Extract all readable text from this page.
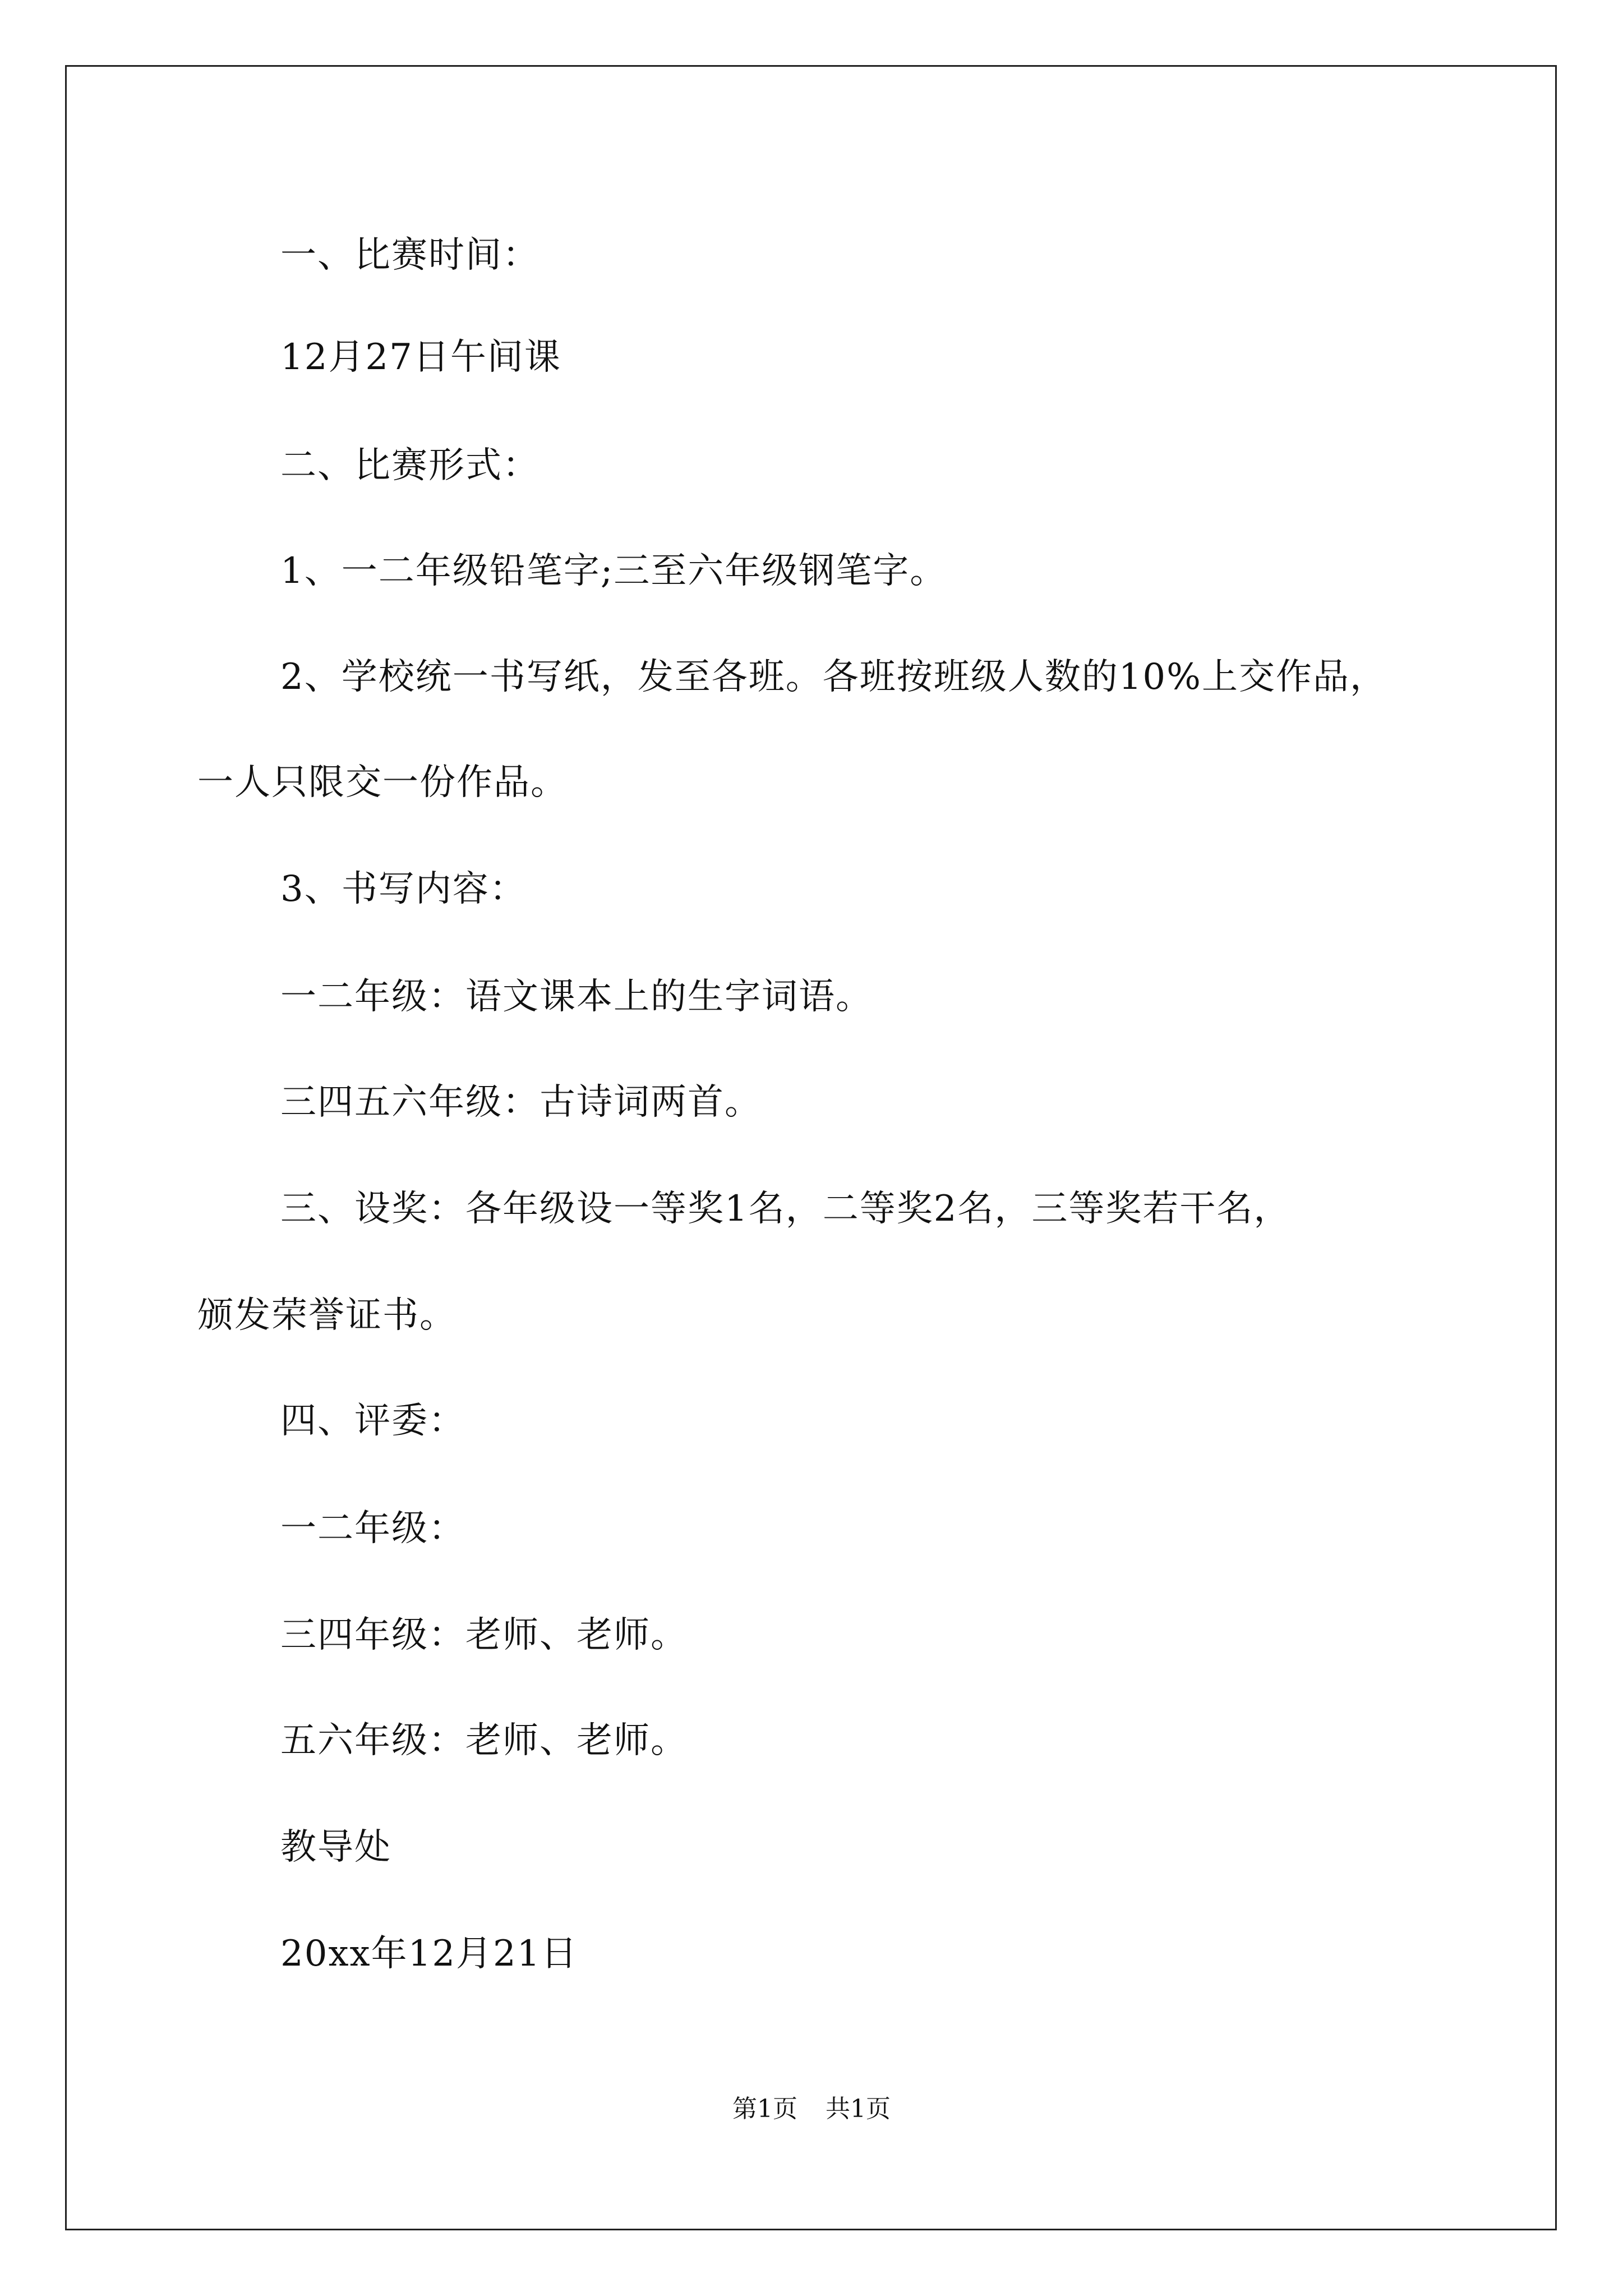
一、比赛时间：
12月27日午间课
二、比赛形式：
1、一二年级铅笔字;三至六年级钢笔字。
2、学校统一书写纸，发至各班。各班按班级人数的10%上交作品，
一人只限交一份作品。
3、书写内容：
一二年级：语文课本上的生字词语。
三四五六年级：古诗词两首。
三、设奖：各年级设一等奖1名，二等奖2名，三等奖若干名，
颁发荣誉证书。
四、评委：
一二年级：
三四年级：老师、老师。
五六年级：老师、老师。
教导处
20xx年12月21日
第1页 共1页
